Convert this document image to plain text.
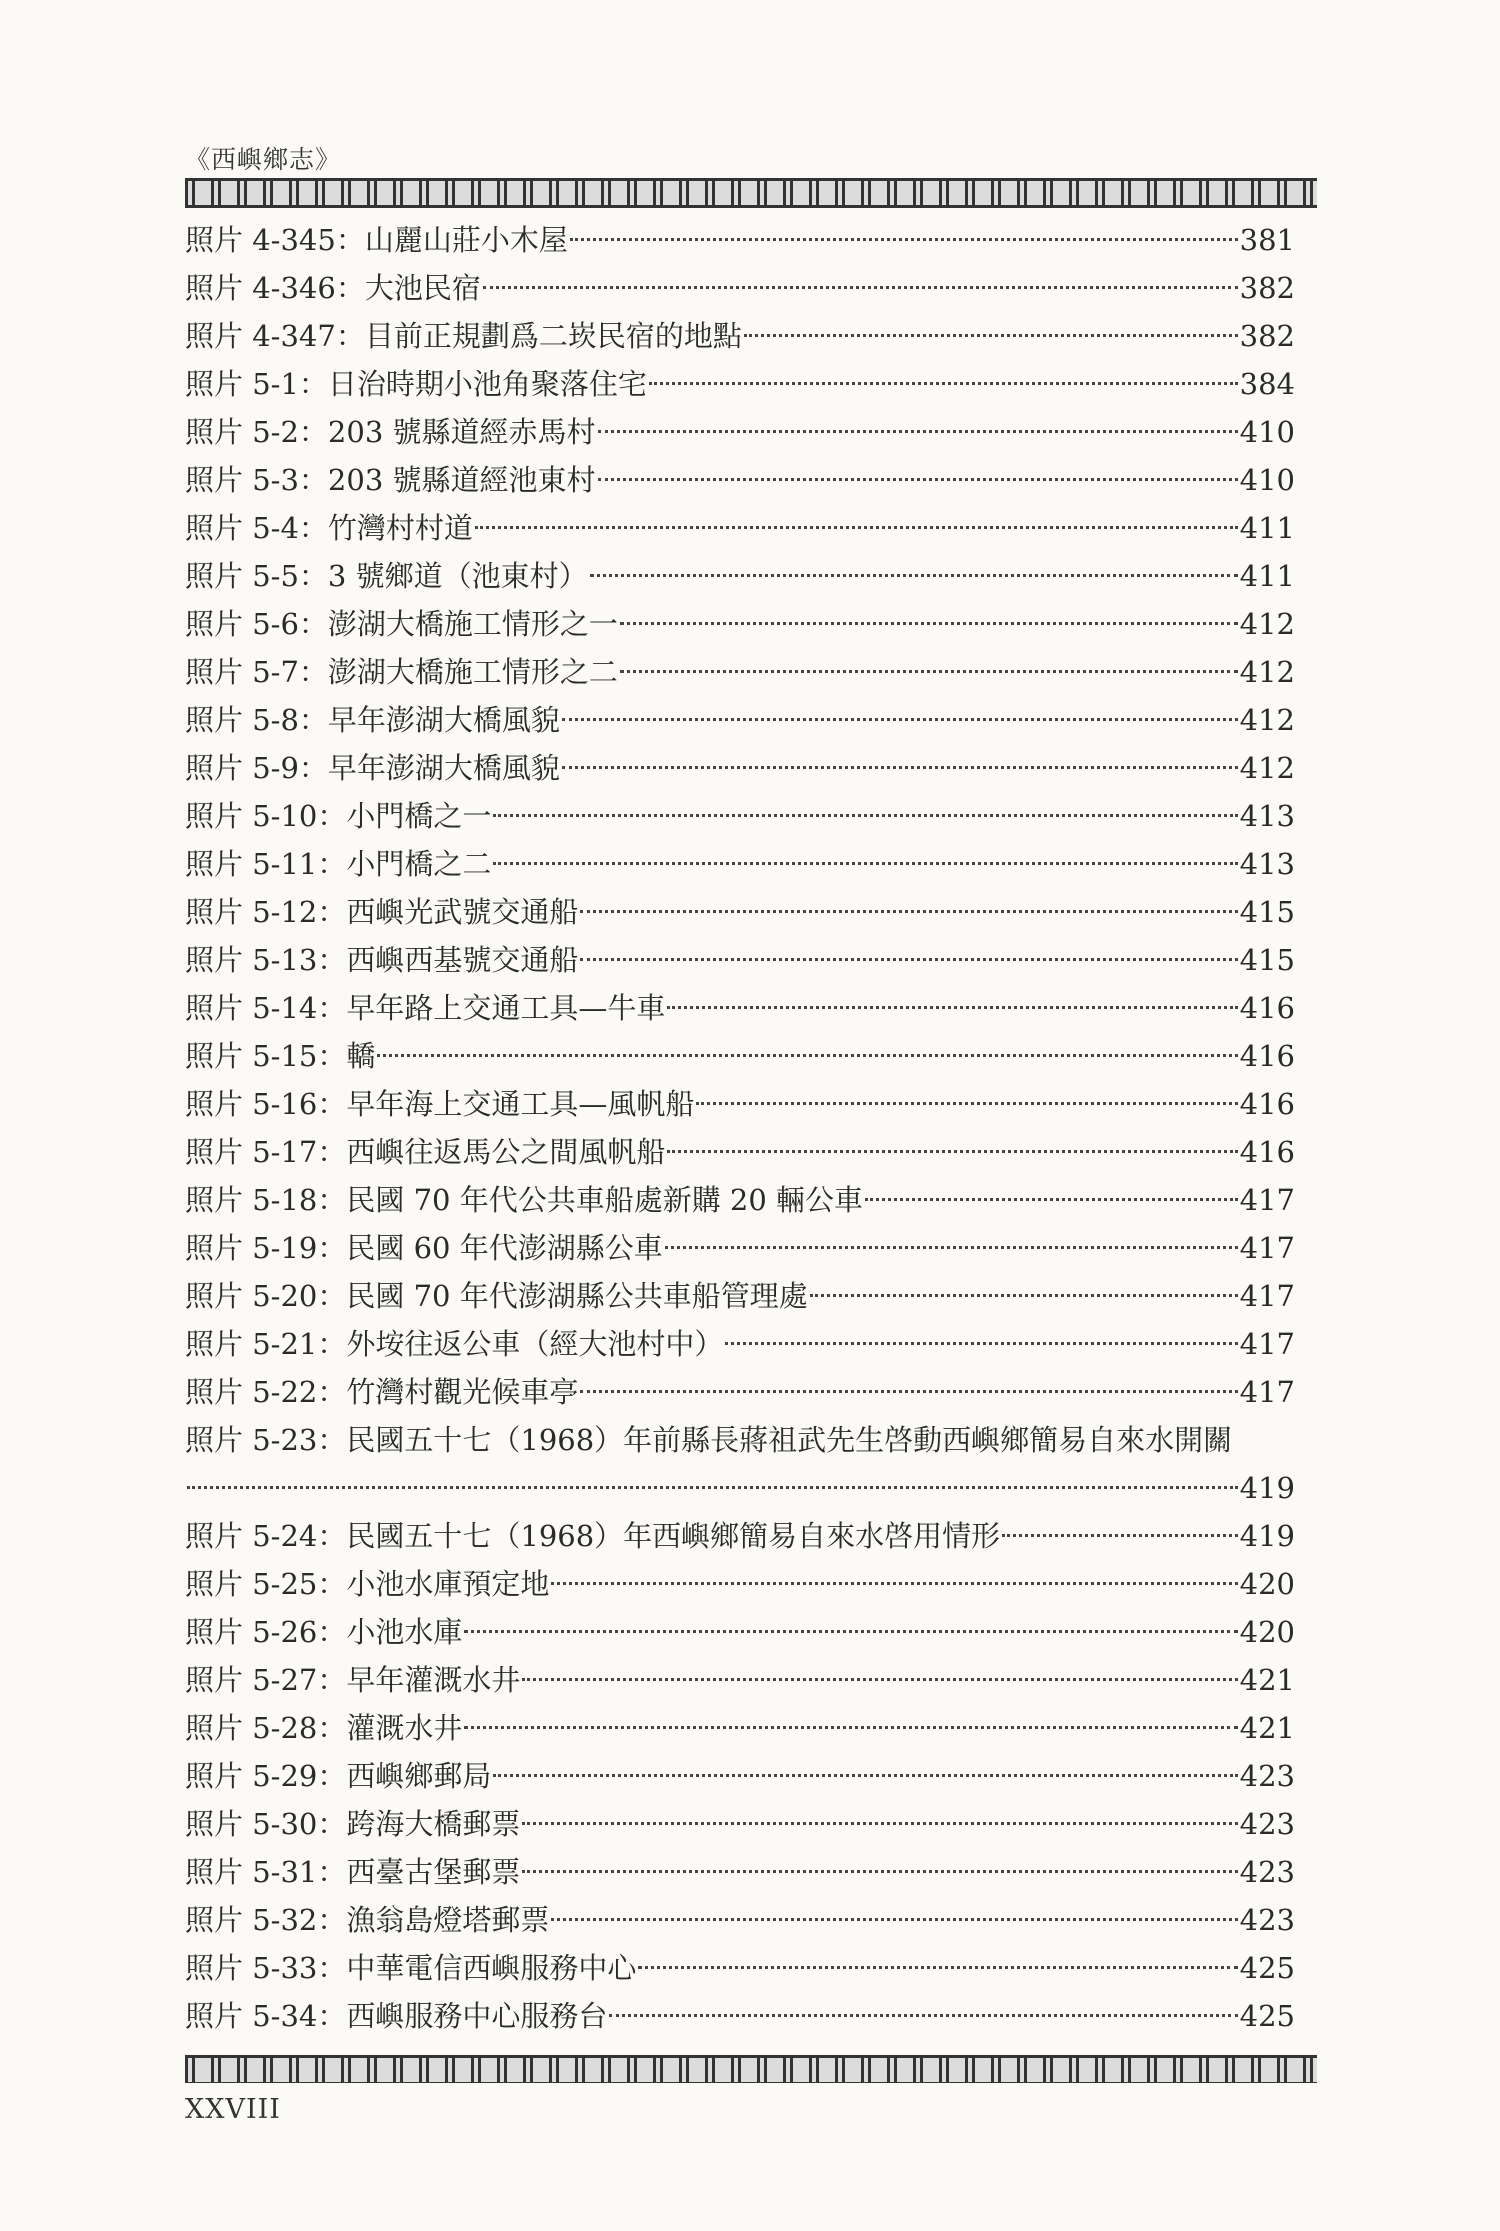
《西嶼鄉志》
照片 4-345： 山麗山莊小木屋	381
照片 4-346： 大池民宿	382
照片 4-347： 目前正規劃爲二崁民宿的地點	382
照片 5-1： 日治時期小池角聚落住宅	384
照片 5-2： 203 號縣道經赤馬村	410
照片 5-3： 203 號縣道經池東村	410
照片 5-4： 竹灣村村道	411
照片 5-5： 3 號鄉道（池東村）	411
照片 5-6： 澎湖大橋施工情形之一	412
照片 5-7： 澎湖大橋施工情形之二	412
照片 5-8： 早年澎湖大橋風貌	412
照片 5-9： 早年澎湖大橋風貌	412
照片 5-10： 小門橋之一	413
照片 5-11： 小門橋之二	413
照片 5-12： 西嶼光武號交通船	415
照片 5-13： 西嶼西基號交通船	415
照片 5-14： 早年路上交通工具—牛車	416
照片 5-15： 轎	416
照片 5-16： 早年海上交通工具—風帆船	416
照片 5-17： 西嶼往返馬公之間風帆船	416
照片 5-18： 民國 70 年代公共車船處新購 20 輛公車	417
照片 5-19： 民國 60 年代澎湖縣公車	417
照片 5-20： 民國 70 年代澎湖縣公共車船管理處	417
照片 5-21： 外垵往返公車（經大池村中）	417
照片 5-22： 竹灣村觀光候車亭	417
照片 5-23： 民國五十七（1968）年前縣長蔣祖武先生啓動西嶼鄉簡易自來水開關
419
照片 5-24： 民國五十七（1968）年西嶼鄉簡易自來水啓用情形	419
照片 5-25： 小池水庫預定地	420
照片 5-26： 小池水庫	420
照片 5-27： 早年灌溉水井	421
照片 5-28： 灌溉水井	421
照片 5-29： 西嶼鄉郵局	423
照片 5-30： 跨海大橋郵票	423
照片 5-31： 西臺古堡郵票	423
照片 5-32： 漁翁島燈塔郵票	423
照片 5-33： 中華電信西嶼服務中心	425
照片 5-34： 西嶼服務中心服務台	425
XXVIII
